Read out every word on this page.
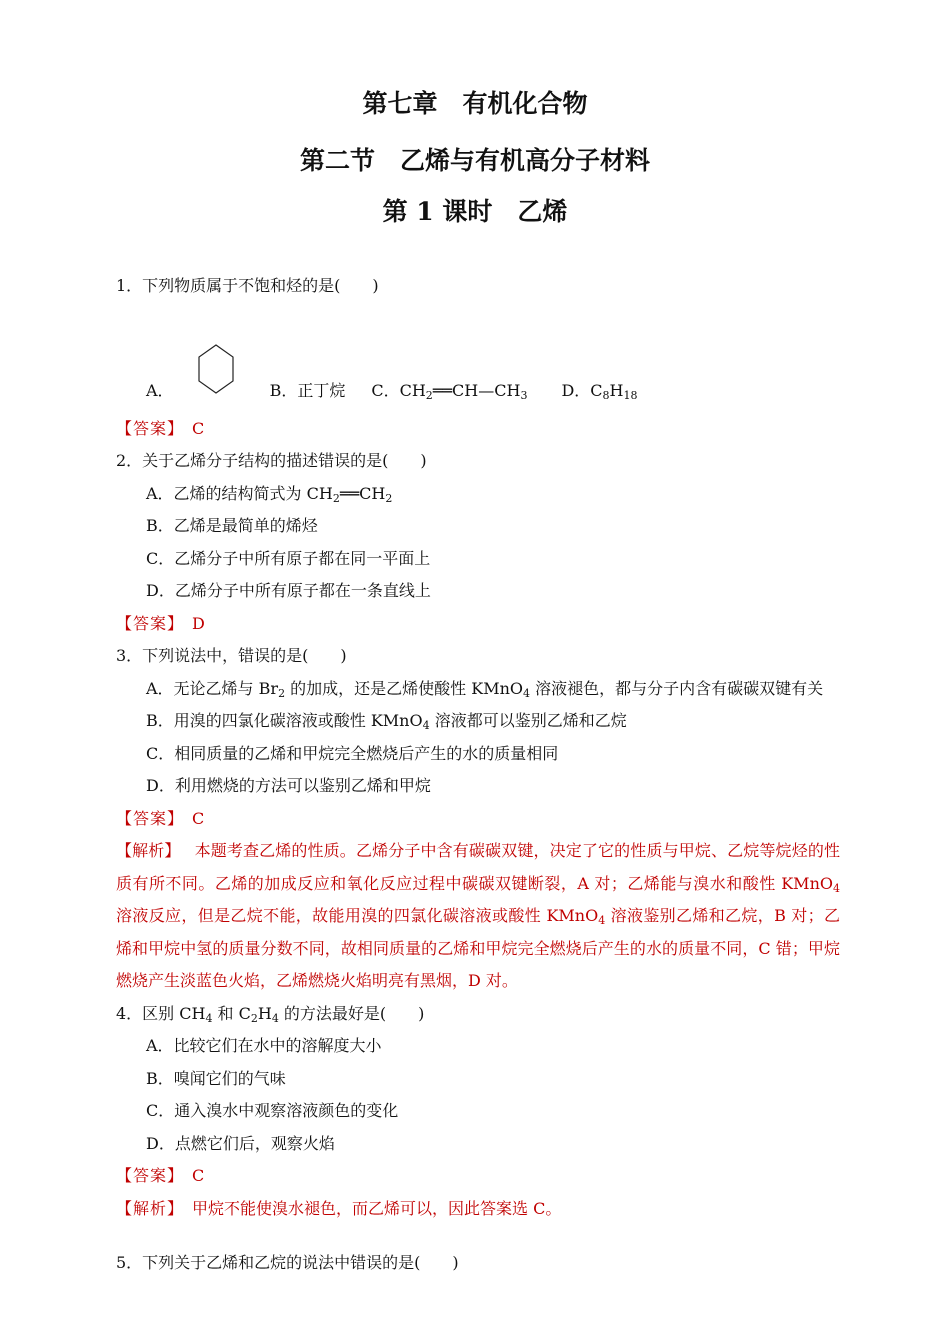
第七章　有机化合物
第二节　乙烯与有机高分子材料
第 1 课时　乙烯
1．下列物质属于不饱和烃的是(　　)
A．	B．正丁烷 C．$CH_2══CH—CH_3$ D．$C_8H_{18}$
【答案】　 C
2．关于乙烯分子结构的描述错误的是(　　)
A．乙烯的结构简式为 $CH_2══CH_2$
B．乙烯是最简单的烯烃
C．乙烯分子中所有原子都在同一平面上
D．乙烯分子中所有原子都在一条直线上
【答案】　 D
3．下列说法中，错误的是(　　)
A．无论乙烯与 $Br_2$ 的加成，还是乙烯使酸性 KMnO$_4$ 溶液褪色，都与分子内含有碳碳双键有关
B．用溴的四氯化碳溶液或酸性 KMnO$_4$ 溶液都可以鉴别乙烯和乙烷
C．相同质量的乙烯和甲烷完全燃烧后产生的水的质量相同
D．利用燃烧的方法可以鉴别乙烯和甲烷
【答案】　 C
【解析】 本题考查乙烯的性质。乙烯分子中含有碳碳双键，决定了它的性质与甲烷、乙烷等烷烃的性质有所不同。乙烯的加成反应和氧化反应过程中碳碳双键断裂，A 对；乙烯能与溴水和酸性 KMnO$_4$ 溶液反应，但是乙烷不能，故能用溴的四氯化碳溶液或酸性 KMnO$_4$ 溶液鉴别乙烯和乙烷，B 对；乙烯和甲烷中氢的质量分数不同，故相同质量的乙烯和甲烷完全燃烧后产生的水的质量不同，C 错；甲烷燃烧产生淡蓝色火焰，乙烯燃烧火焰明亮有黑烟，D 对。
4．区别 $CH_4$ 和 $C_2H_4$ 的方法最好是(　　)
A．比较它们在水中的溶解度大小
B．嗅闻它们的气味
C．通入溴水中观察溶液颜色的变化
D．点燃它们后，观察火焰
【答案】　 C
【解析】　 甲烷不能使溴水褪色，而乙烯可以，因此答案选 C。
5．下列关于乙烯和乙烷的说法中错误的是(　　)
